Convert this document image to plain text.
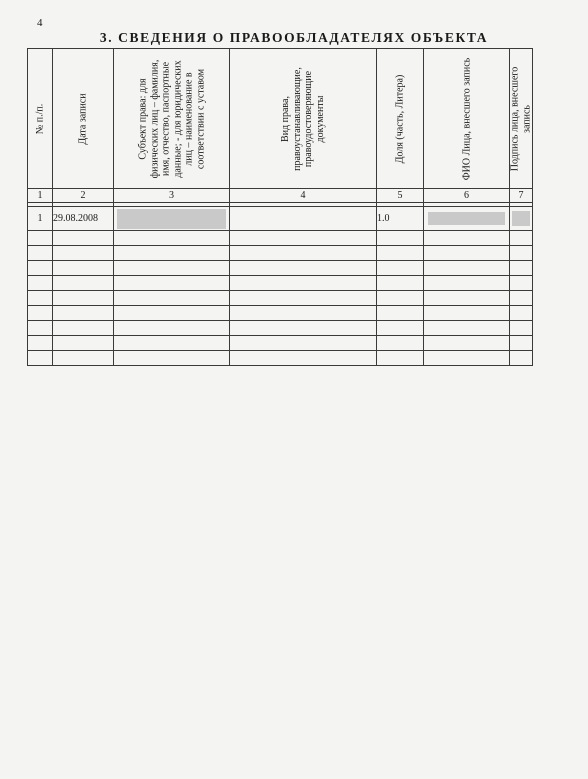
4
3. СВЕДЕНИЯ О ПРАВООБЛАДАТЕЛЯХ ОБЪЕКТА
№ п./п.	Дата записи	Субъект права: для физических лиц – фамилия, имя, отчество, паспортные данные; - для юридических лиц – наименование в соответствии с уставом	Вид права, правоустанавливающие, правоудостоверяющие документы	Доля (часть, Литера)	ФИО Лица, внесшего запись	Подпись лица, внесшего запись

1	2	3	4	5	6	7

1	29.08.2008			1.0	
